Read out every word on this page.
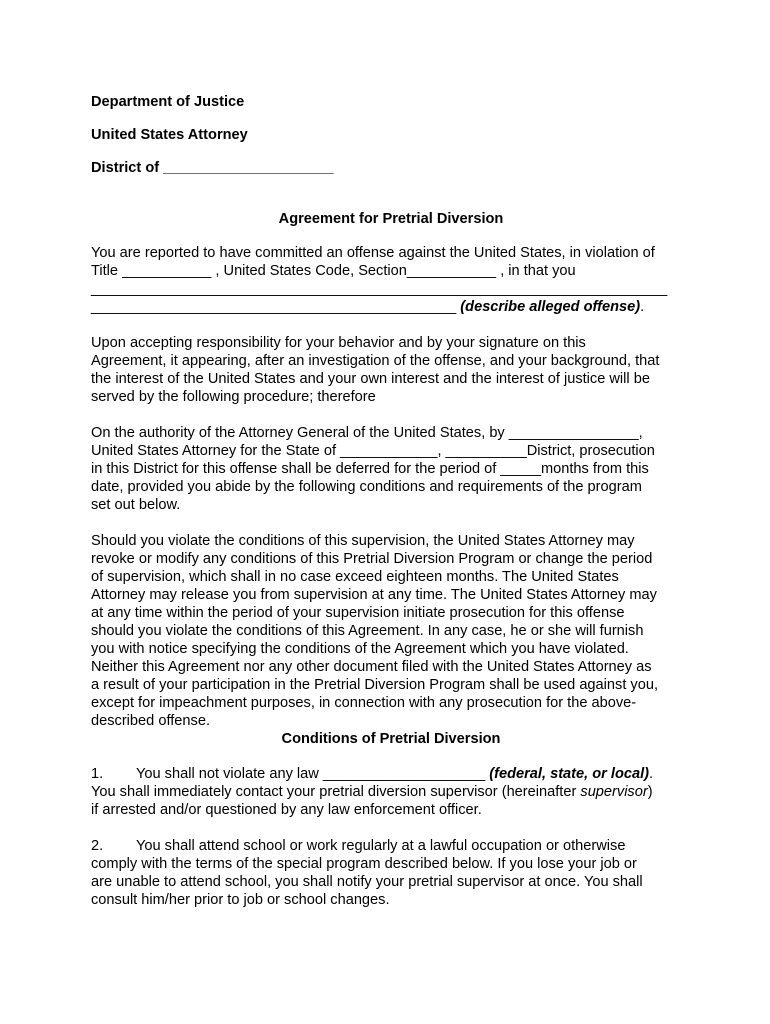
Department of Justice

United States Attorney

District of _____________________

Agreement for Pretrial Diversion

You are reported to have committed an offense against the United States, in violation of
Title ___________ , United States Code, Section___________ , in that you
_______________________________________________________________________
_____________________________________________ (describe alleged offense).
Upon accepting responsibility for your behavior and by your signature on this
Agreement, it appearing, after an investigation of the offense, and your background, that
the interest of the United States and your own interest and the interest of justice will be
served by the following procedure; therefore
On the authority of the Attorney General of the United States, by ________________,
United States Attorney for the State of ____________, __________District, prosecution
in this District for this offense shall be deferred for the period of _____months from this
date, provided you abide by the following conditions and requirements of the program
set out below.
Should you violate the conditions of this supervision, the United States Attorney may
revoke or modify any conditions of this Pretrial Diversion Program or change the period
of supervision, which shall in no case exceed eighteen months. The United States
Attorney may release you from supervision at any time. The United States Attorney may
at any time within the period of your supervision initiate prosecution for this offense
should you violate the conditions of this Agreement. In any case, he or she will furnish
you with notice specifying the conditions of the Agreement which you have violated.
Neither this Agreement nor any other document filed with the United States Attorney as
a result of your participation in the Pretrial Diversion Program shall be used against you,
except for impeachment purposes, in connection with any prosecution for the above-
described offense.

Conditions of Pretrial Diversion

1. You shall not violate any law ____________________ (federal, state, or local).
You shall immediately contact your pretrial diversion supervisor (hereinafter supervisor)
if arrested and/or questioned by any law enforcement officer.
2. You shall attend school or work regularly at a lawful occupation or otherwise
comply with the terms of the special program described below. If you lose your job or
are unable to attend school, you shall notify your pretrial supervisor at once. You shall
consult him/her prior to job or school changes.
